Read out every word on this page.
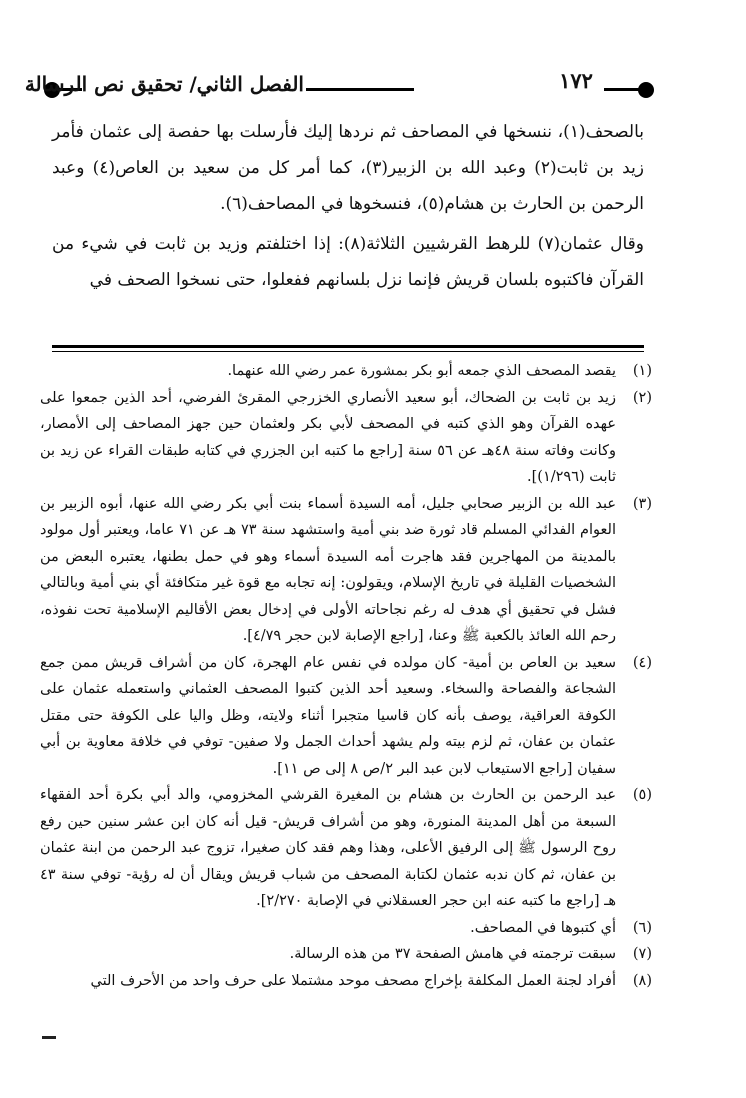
الفصل الثاني/ تحقيق نص الرسالة	١٧٢

بالصحف(١)، ننسخها في المصاحف ثم نردها إليك فأرسلت بها حفصة إلى عثمان فأمر زيد بن ثابت(٢) وعبد الله بن الزبير(٣)، كما أمر كل من سعيد بن العاص(٤) وعبد الرحمن بن الحارث بن هشام(٥)، فنسخوها في المصاحف(٦).

وقال عثمان(٧) للرهط القرشيين الثلاثة(٨): إذا اختلفتم وزيد بن ثابت في شيء من القرآن فاكتبوه بلسان قريش فإنما نزل بلسانهم ففعلوا، حتى نسخوا الصحف في

(١)
يقصد المصحف الذي جمعه أبو بكر بمشورة عمر رضي الله عنهما.
(٢)
زيد بن ثابت بن الضحاك، أبو سعيد الأنصاري الخزرجي المقرئ الفرضي، أحد الذين جمعوا على عهده القرآن وهو الذي كتبه في المصحف لأبي بكر ولعثمان حين جهز المصاحف إلى الأمصار، وكانت وفاته سنة ٤٨هـ عن ٥٦ سنة [راجع ما كتبه ابن الجزري في كتابه طبقات القراء عن زيد بن ثابت (١/٢٩٦)].
(٣)
عبد الله بن الزبير صحابي جليل، أمه السيدة أسماء بنت أبي بكر رضي الله عنها، أبوه الزبير بن العوام الفدائي المسلم قاد ثورة ضد بني أمية واستشهد سنة ٧٣ هـ عن ٧١ عاما، ويعتبر أول مولود بالمدينة من المهاجرين فقد هاجرت أمه السيدة أسماء وهو في حمل بطنها، يعتبره البعض من الشخصيات القليلة في تاريخ الإسلام، ويقولون: إنه تجابه مع قوة غير متكافئة أي بني أمية وبالتالي فشل في تحقيق أي هدف له رغم نجاحاته الأولى في إدخال بعض الأقاليم الإسلامية تحت نفوذه، رحم الله العائذ بالكعبة ﷺ وعنا، [راجع الإصابة لابن حجر ٤/٧٩].
(٤)
سعيد بن العاص بن أمية- كان مولده في نفس عام الهجرة، كان من أشراف قريش ممن جمع الشجاعة والفصاحة والسخاء. وسعيد أحد الذين كتبوا المصحف العثماني واستعمله عثمان على الكوفة العراقية، يوصف بأنه كان قاسيا متجبرا أثناء ولايته، وظل واليا على الكوفة حتى مقتل عثمان بن عفان، ثم لزم بيته ولم يشهد أحداث الجمل ولا صفين- توفي في خلافة معاوية بن أبي سفيان [راجع الاستيعاب لابن عبد البر ٢/ص ٨ إلى ص ١١].
(٥)
عبد الرحمن بن الحارث بن هشام بن المغيرة القرشي المخزومي، والد أبي بكرة أحد الفقهاء السبعة من أهل المدينة المنورة، وهو من أشراف قريش- قيل أنه كان ابن عشر سنين حين رفع روح الرسول ﷺ إلى الرفيق الأعلى، وهذا وهم فقد كان صغيرا، تزوج عبد الرحمن من ابنة عثمان بن عفان، ثم كان ندبه عثمان لكتابة المصحف من شباب قريش ويقال أن له رؤية- توفي سنة ٤٣ هـ [راجع ما كتبه عنه ابن حجر العسقلاني في الإصابة ٢/٢٧٠].
(٦)
أي كتبوها في المصاحف.
(٧)
سبقت ترجمته في هامش الصفحة ٣٧ من هذه الرسالة.
(٨)
أفراد لجنة العمل المكلفة بإخراج مصحف موحد مشتملا على حرف واحد من الأحرف التي
